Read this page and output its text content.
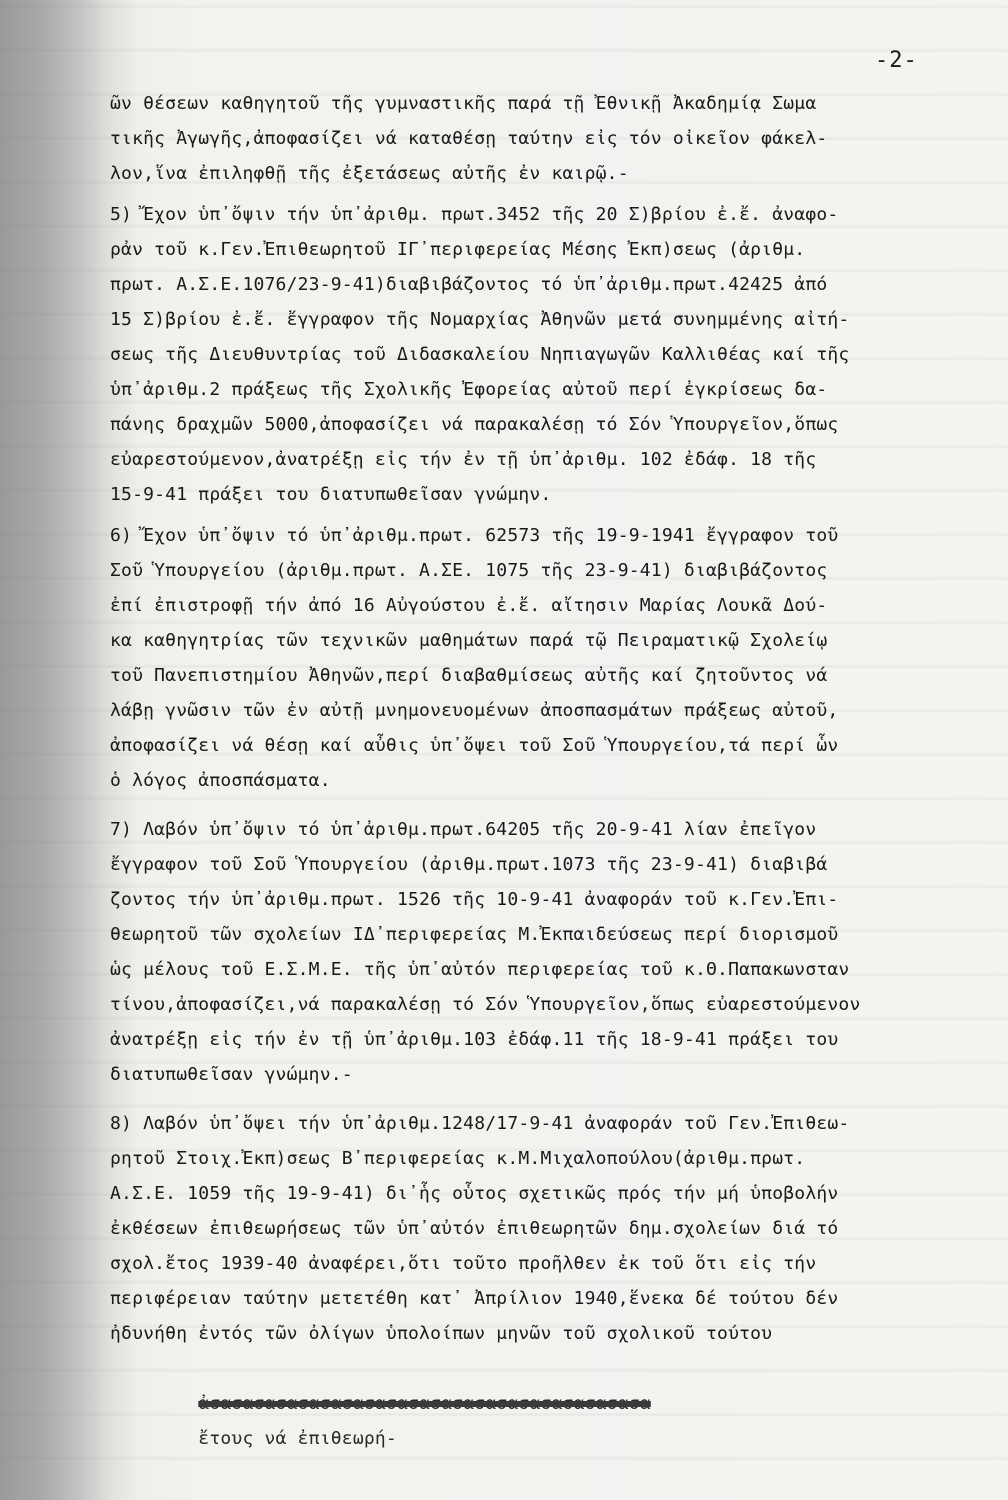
-2-
ῶν θέσεων καθηγητοῦ τῆς γυμναστικῆς παρά τῇ Ἐθνικῇ Ἀκαδημίᾳ Σωμα
τικῆς Ἀγωγῆς,ἀποφασίζει νά καταθέσῃ ταύτην εἰς τόν οἰκεῖον φάκελ-
λον,ἵνα ἐπιληφθῇ τῆς ἐξετάσεως αὐτῆς ἐν καιρῷ.-
5) Ἔχον ὑπ᾿ὄψιν τήν ὑπ᾿ἀριθμ. πρωτ.3452 τῆς 20 Σ)βρίου ἐ.ἔ. ἀναφο-
ρἀν τοῦ κ.Γεν.Ἐπιθεωρητοῦ ΙΓ᾿περιφερείας Μέσης Ἐκπ)σεως (ἀριθμ.
πρωτ. Α.Σ.Ε.1076/23-9-41)διαβιβάζοντος τό ὑπ᾿ἀριθμ.πρωτ.42425 ἀπό
15 Σ)βρίου ἐ.ἔ. ἔγγραφον τῆς Νομαρχίας Ἀθηνῶν μετά συνημμένης αἰτή-
σεως τῆς Διευθυντρίας τοῦ Διδασκαλείου Νηπιαγωγῶν Καλλιθέας καί τῆς
ὑπ᾿ἀριθμ.2 πράξεως τῆς Σχολικῆς Ἐφορείας αὐτοῦ περί ἐγκρίσεως δα-
πάνης δραχμῶν 5000,ἀποφασίζει νά παρακαλέσῃ τό Σόν Ὑπουργεῖον,ὅπως
εὐαρεστούμενον,ἀνατρέξῃ εἰς τήν ἐν τῇ ὑπ᾿ἀριθμ. 102 ἐδάφ. 18 τῆς
15-9-41 πράξει του διατυπωθεῖσαν γνώμην.
6) Ἔχον ὑπ᾿ὄψιν τό ὑπ᾿ἀριθμ.πρωτ. 62573 τῆς 19-9-1941 ἔγγραφον τοῦ
Σοῦ Ὑπουργείου (ἀριθμ.πρωτ. Α.ΣΕ. 1075 τῆς 23-9-41) διαβιβάζοντος
ἐπί ἐπιστροφῇ τήν ἀπό 16 Αὐγούστου ἐ.ἔ. αἴτησιν Μαρίας Λουκᾶ Δού-
κα καθηγητρίας τῶν τεχνικῶν μαθημάτων παρά τῷ Πειραματικῷ Σχολείῳ
τοῦ Πανεπιστημίου Ἀθηνῶν,περί διαβαθμίσεως αὐτῆς καί ζητοῦντος νά
λάβῃ γνῶσιν τῶν ἐν αὐτῇ μνημονευομένων ἀποσπασμάτων πράξεως αὐτοῦ,
ἀποφασίζει νά θέσῃ καί αὖθις ὑπ᾿ὄψει τοῦ Σοῦ Ὑπουργείου,τά περί ὧν
ὁ λόγος ἀποσπάσματα.
7) Λαβόν ὑπ᾿ὄψιν τό ὑπ᾿ἀριθμ.πρωτ.64205 τῆς 20-9-41 λίαν ἐπεῖγον
ἔγγραφον τοῦ Σοῦ Ὑπουργείου (ἀριθμ.πρωτ.1073 τῆς 23-9-41) διαβιβά
ζοντος τήν ὑπ᾿ἀριθμ.πρωτ. 1526 τῆς 10-9-41 ἀναφοράν τοῦ κ.Γεν.Ἐπι-
θεωρητοῦ τῶν σχολείων ΙΔ᾿περιφερείας Μ.Ἐκπαιδεύσεως περί διορισμοῦ
ὡς μέλους τοῦ Ε.Σ.Μ.Ε. τῆς ὑπ᾿αὐτόν περιφερείας τοῦ κ.Θ.Παπακωνσταν
τίνου,ἀποφασίζει,νά παρακαλέσῃ τό Σόν Ὑπουργεῖον,ὅπως εὐαρεστούμενον
ἀνατρέξῃ εἰς τήν ἐν τῇ ὑπ᾿ἀριθμ.103 ἐδάφ.11 τῆς 18-9-41 πράξει του
διατυπωθεῖσαν γνώμην.-
8) Λαβόν ὑπ᾿ὄψει τήν ὑπ᾿ἀριθμ.1248/17-9-41 ἀναφοράν τοῦ Γεν.Ἐπιθεω-
ρητοῦ Στοιχ.Ἐκπ)σεως Β᾿περιφερείας κ.Μ.Μιχαλοπούλου(ἀριθμ.πρωτ.
Α.Σ.Ε. 1059 τῆς 19-9-41) δι᾿ἧς οὗτος σχετικῶς πρός τήν μή ὑποβολήν
ἐκθέσεων ἐπιθεωρήσεως τῶν ὑπ᾿αὐτόν ἐπιθεωρητῶν δημ.σχολείων διά τό
σχολ.ἔτος 1939-40 ἀναφέρει,ὅτι τοῦτο προῆλθεν ἐκ τοῦ ὅτι εἰς τήν
περιφέρειαν ταύτην μετετέθη κατ᾿ Ἀπρίλιον 1940,ἕνεκα δέ τούτου δέν
ἠδυνήθη ἐντός τῶν ὀλίγων ὑπολοίπων μηνῶν τοῦ σχολικοῦ τούτου

ἀσασασασασασασασασασασασασασασασασασασασα
ἔτους νά ἐπιθεωρή-
